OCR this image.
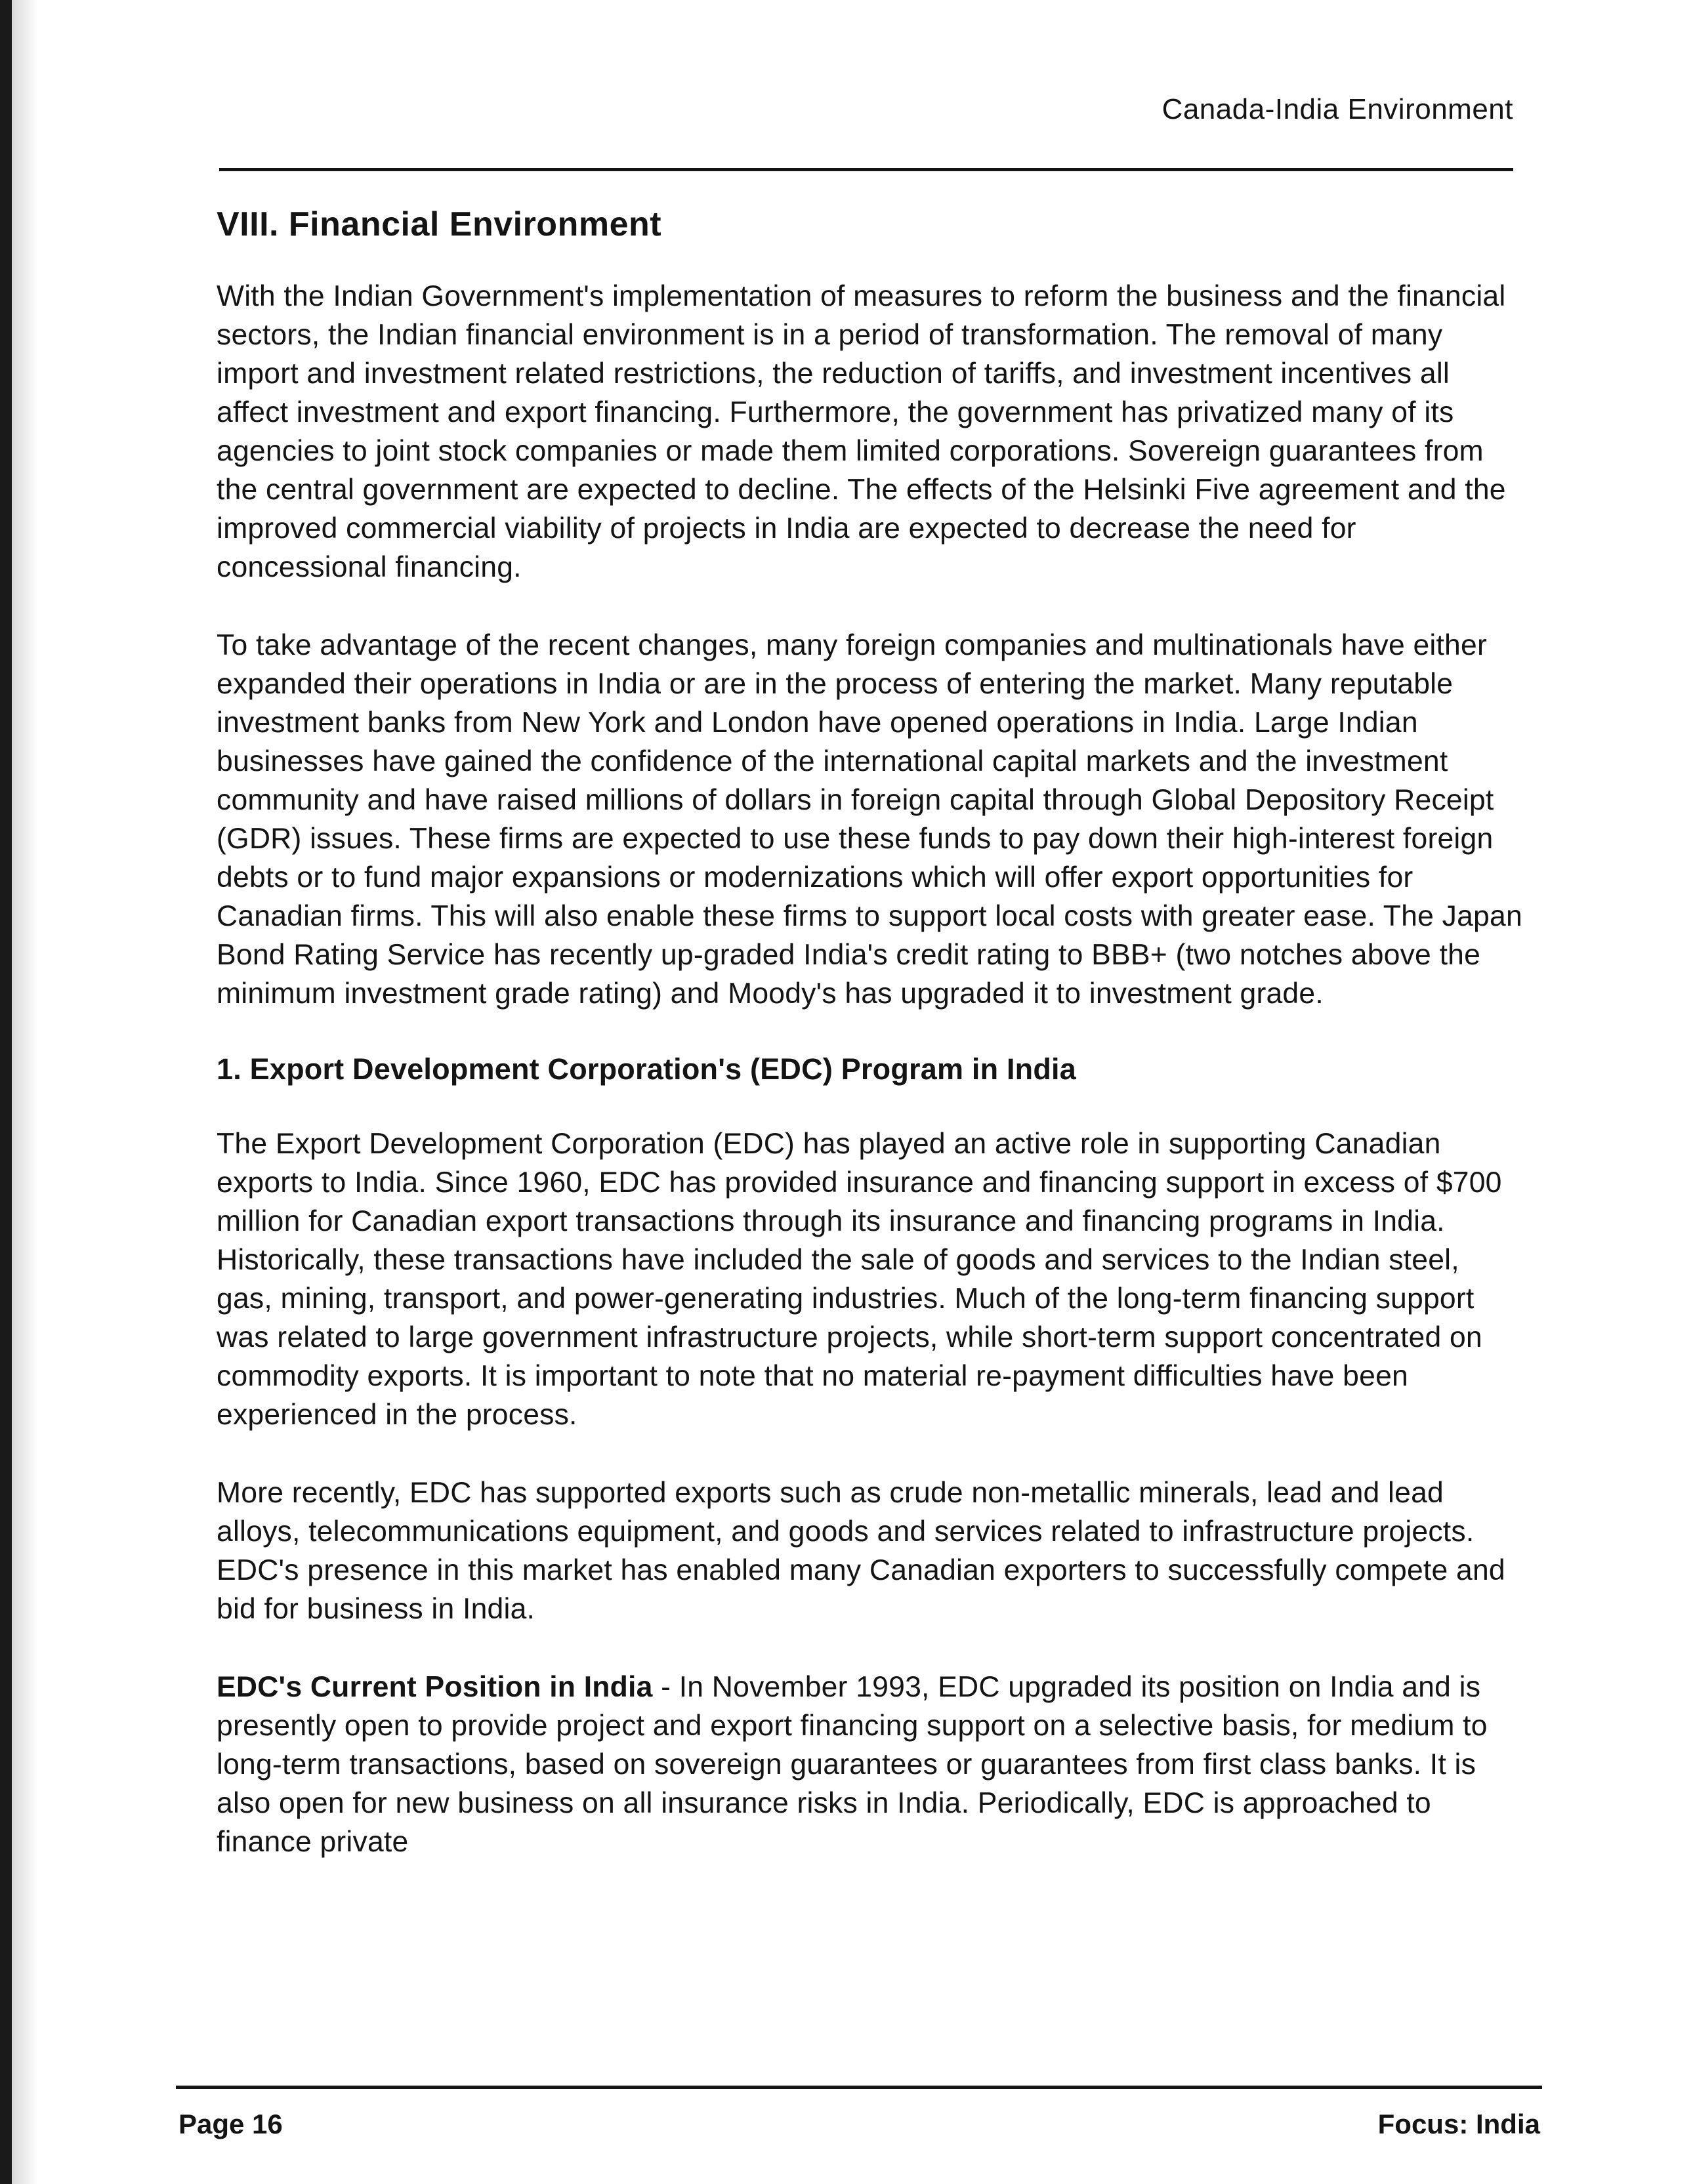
Canada-India Environment
VIII. Financial Environment

With the Indian Government's implementation of measures to reform the business and the financial sectors, the Indian financial environment is in a period of transformation. The removal of many import and investment related restrictions, the reduction of tariffs, and investment incentives all affect investment and export financing. Furthermore, the government has privatized many of its agencies to joint stock companies or made them limited corporations. Sovereign guarantees from the central government are expected to decline. The effects of the Helsinki Five agreement and the improved commercial viability of projects in India are expected to decrease the need for concessional financing.

To take advantage of the recent changes, many foreign companies and multinationals have either expanded their operations in India or are in the process of entering the market. Many reputable investment banks from New York and London have opened operations in India. Large Indian businesses have gained the confidence of the international capital markets and the investment community and have raised millions of dollars in foreign capital through Global Depository Receipt (GDR) issues. These firms are expected to use these funds to pay down their high-interest foreign debts or to fund major expansions or modernizations which will offer export opportunities for Canadian firms. This will also enable these firms to support local costs with greater ease. The Japan Bond Rating Service has recently up-graded India's credit rating to BBB+ (two notches above the minimum investment grade rating) and Moody's has upgraded it to investment grade.

1. Export Development Corporation's (EDC) Program in India

The Export Development Corporation (EDC) has played an active role in supporting Canadian exports to India. Since 1960, EDC has provided insurance and financing support in excess of $700 million for Canadian export transactions through its insurance and financing programs in India. Historically, these transactions have included the sale of goods and services to the Indian steel, gas, mining, transport, and power-generating industries. Much of the long-term financing support was related to large government infrastructure projects, while short-term support concentrated on commodity exports. It is important to note that no material re-payment difficulties have been experienced in the process.

More recently, EDC has supported exports such as crude non-metallic minerals, lead and lead alloys, telecommunications equipment, and goods and services related to infrastructure projects. EDC's presence in this market has enabled many Canadian exporters to successfully compete and bid for business in India.

EDC's Current Position in India - In November 1993, EDC upgraded its position on India and is presently open to provide project and export financing support on a selective basis, for medium to long-term transactions, based on sovereign guarantees or guarantees from first class banks. It is also open for new business on all insurance risks in India. Periodically, EDC is approached to finance private

Page 16	Focus: India
